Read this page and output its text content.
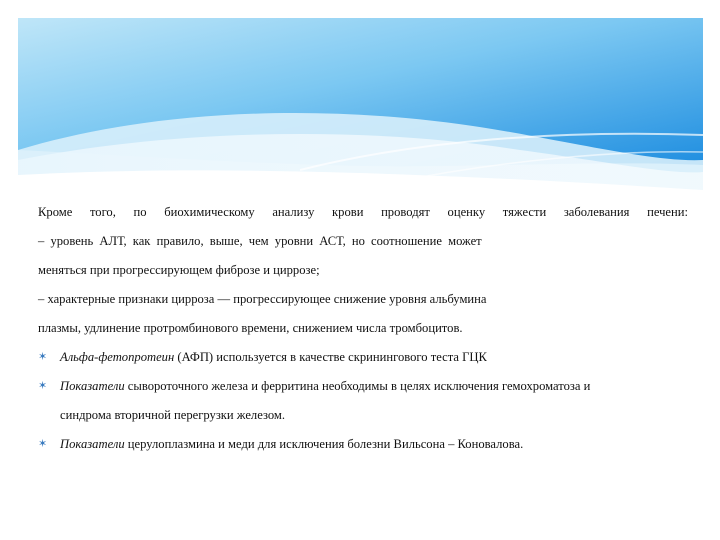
Кроме того, по биохимическому анализу крови проводят оценку тяжести заболевания печени:

– уровень АЛТ, как правило, выше, чем уровни АСТ, но соотношение может

меняться при прогрессирующем фиброзе и циррозе;

– характерные признаки цирроза — прогрессирующее снижение уровня альбумина

плазмы, удлинение протромбинового времени, снижением числа тромбоцитов.

✶ Альфа-фетопротеин (АФП) используется в качестве скринингового теста ГЦК
✶ Показатели сывороточного железа и ферритина необходимы в целях исключения гемохроматоза и
синдрома вторичной перегрузки железом.
✶ Показатели церулоплазмина и меди для исключения болезни Вильсона – Коновалова.
